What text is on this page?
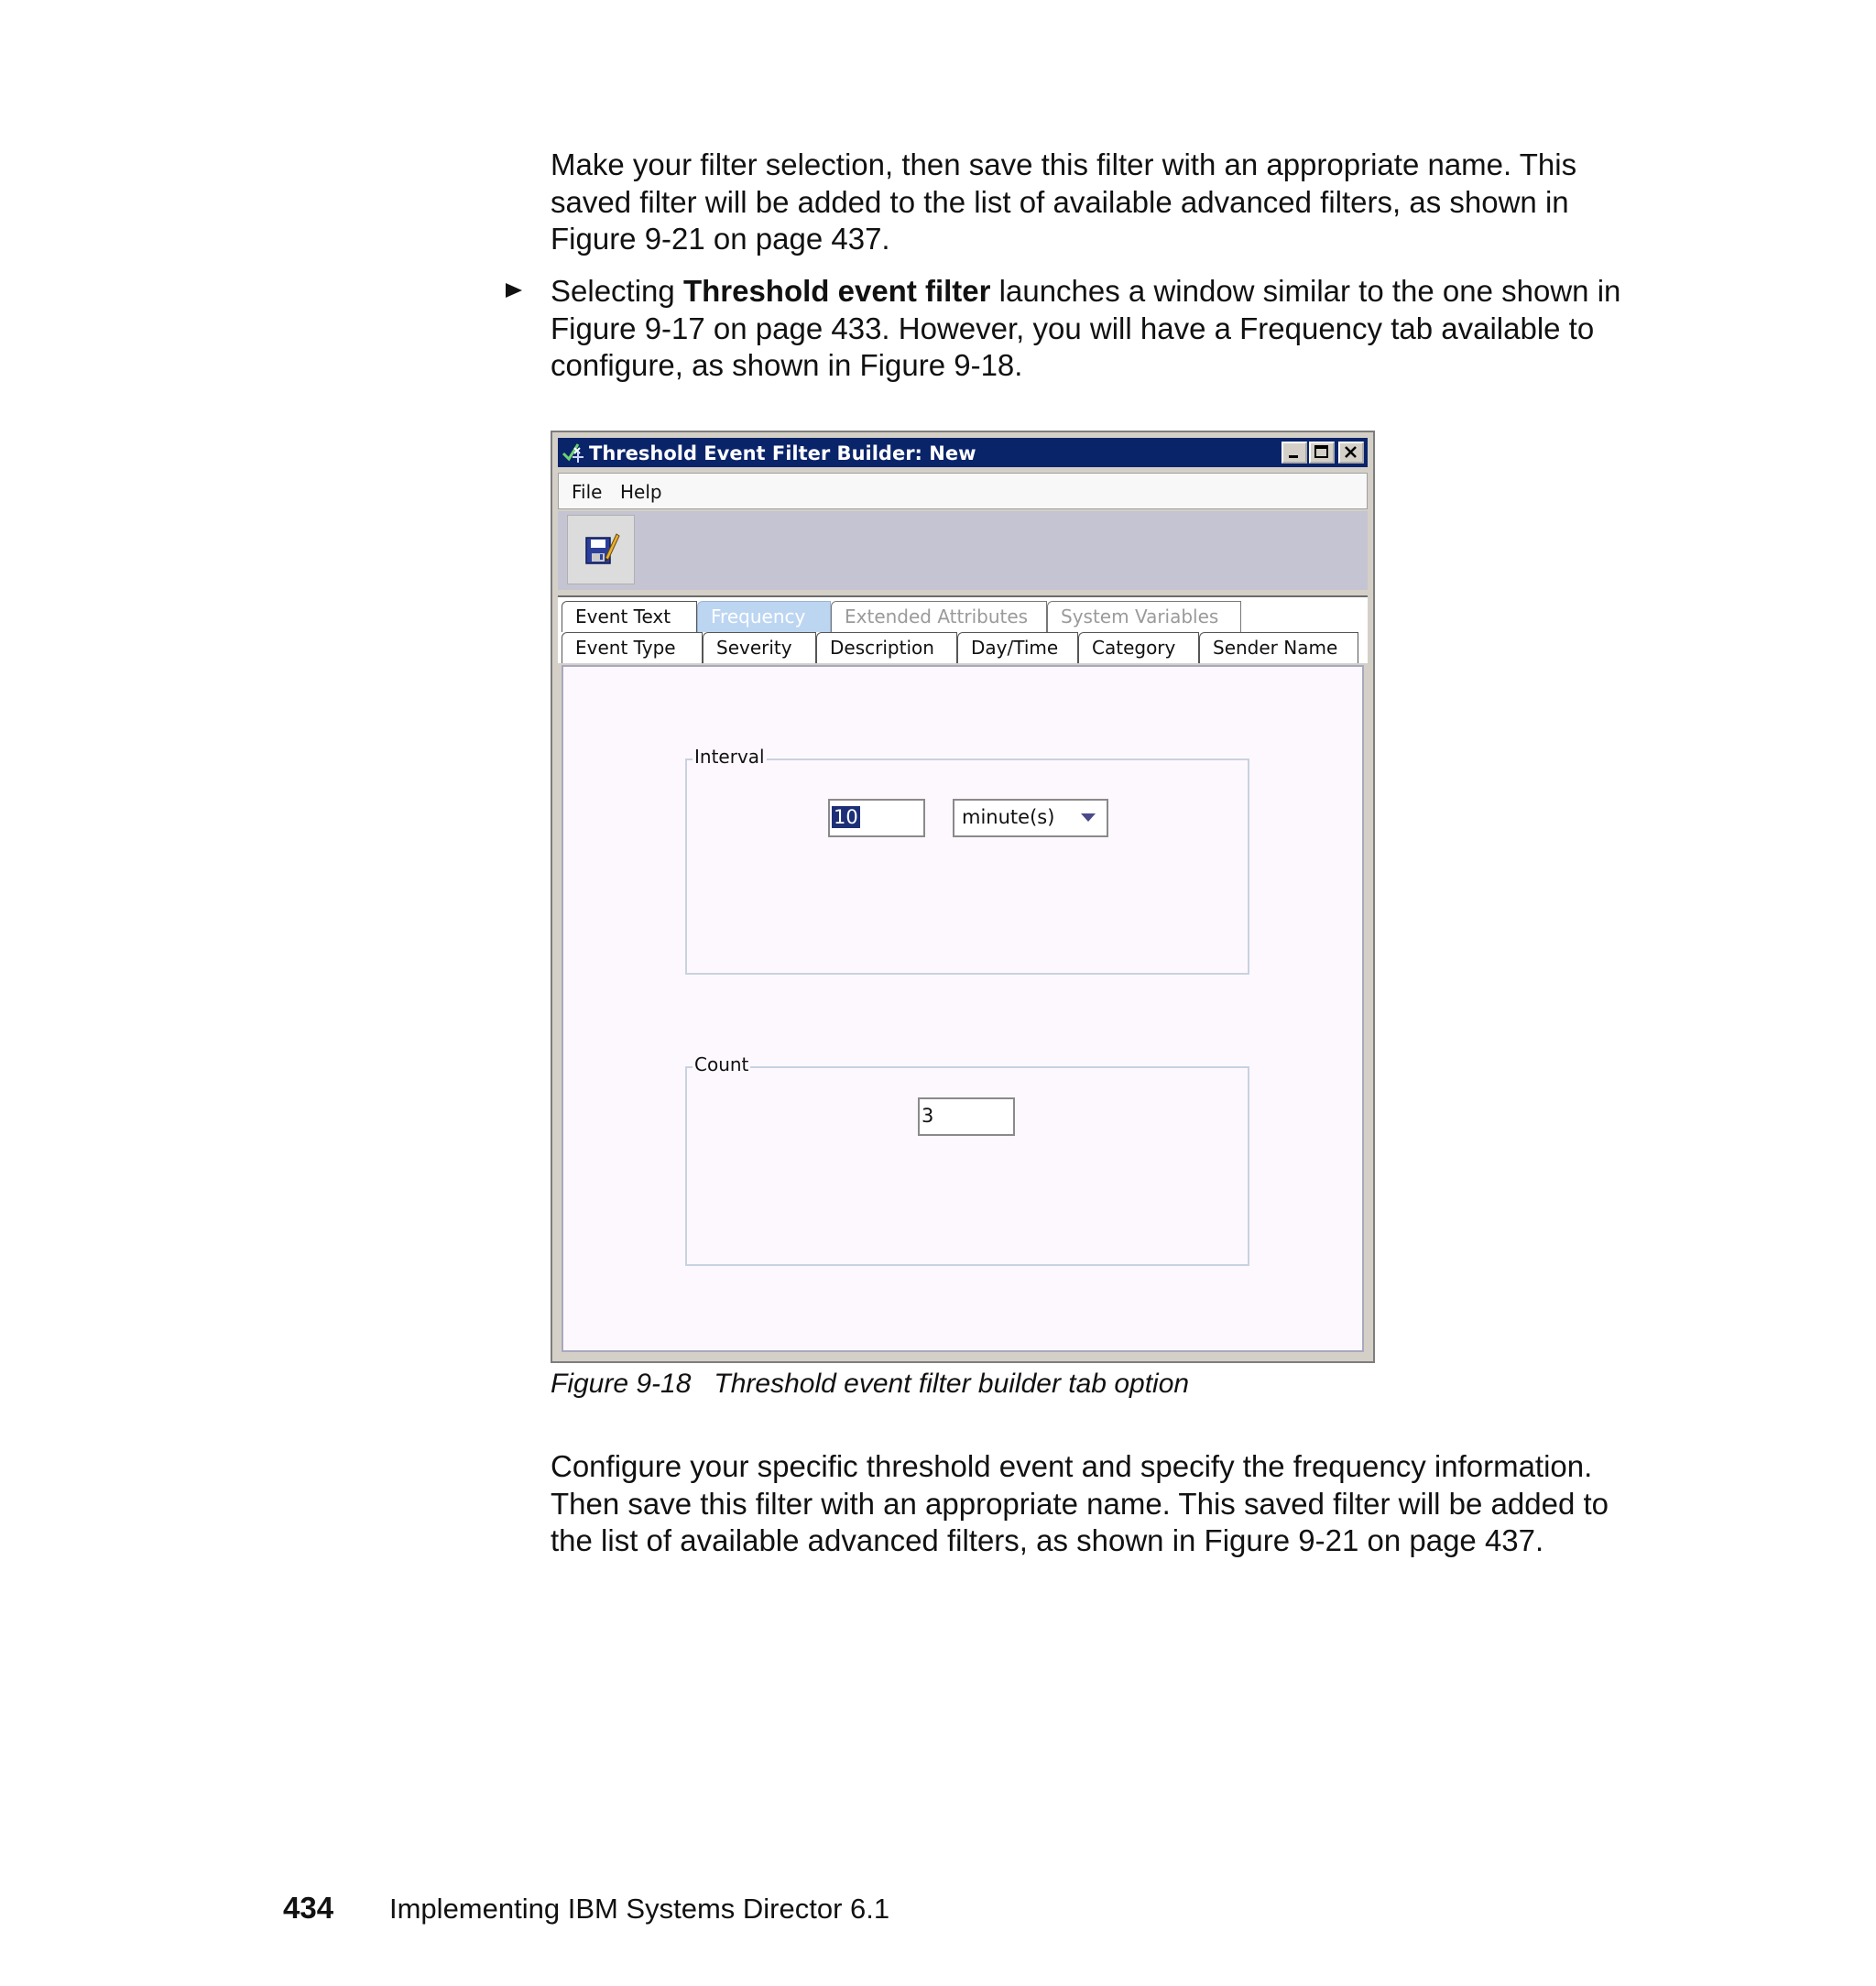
Make your filter selection, then save this filter with an appropriate name. This saved filter will be added to the list of available advanced filters, as shown in Figure 9-21 on page 437.

Selecting Threshold event filter launches a window similar to the one shown in Figure 9-17 on page 433. However, you will have a Frequency tab available to configure, as shown in Figure 9-18.

Threshold Event Filter Builder: New
File Help
Event Text	Frequency	Extended Attributes	System Variables
Event Type	Severity	Description	Day/Time	Category	Sender Name
Interval
10	minute(s)
Count
3
Figure 9-18   Threshold event filter builder tab option

Configure your specific threshold event and specify the frequency information. Then save this filter with an appropriate name. This saved filter will be added to the list of available advanced filters, as shown in Figure 9-21 on page 437.

434 Implementing IBM Systems Director 6.1
